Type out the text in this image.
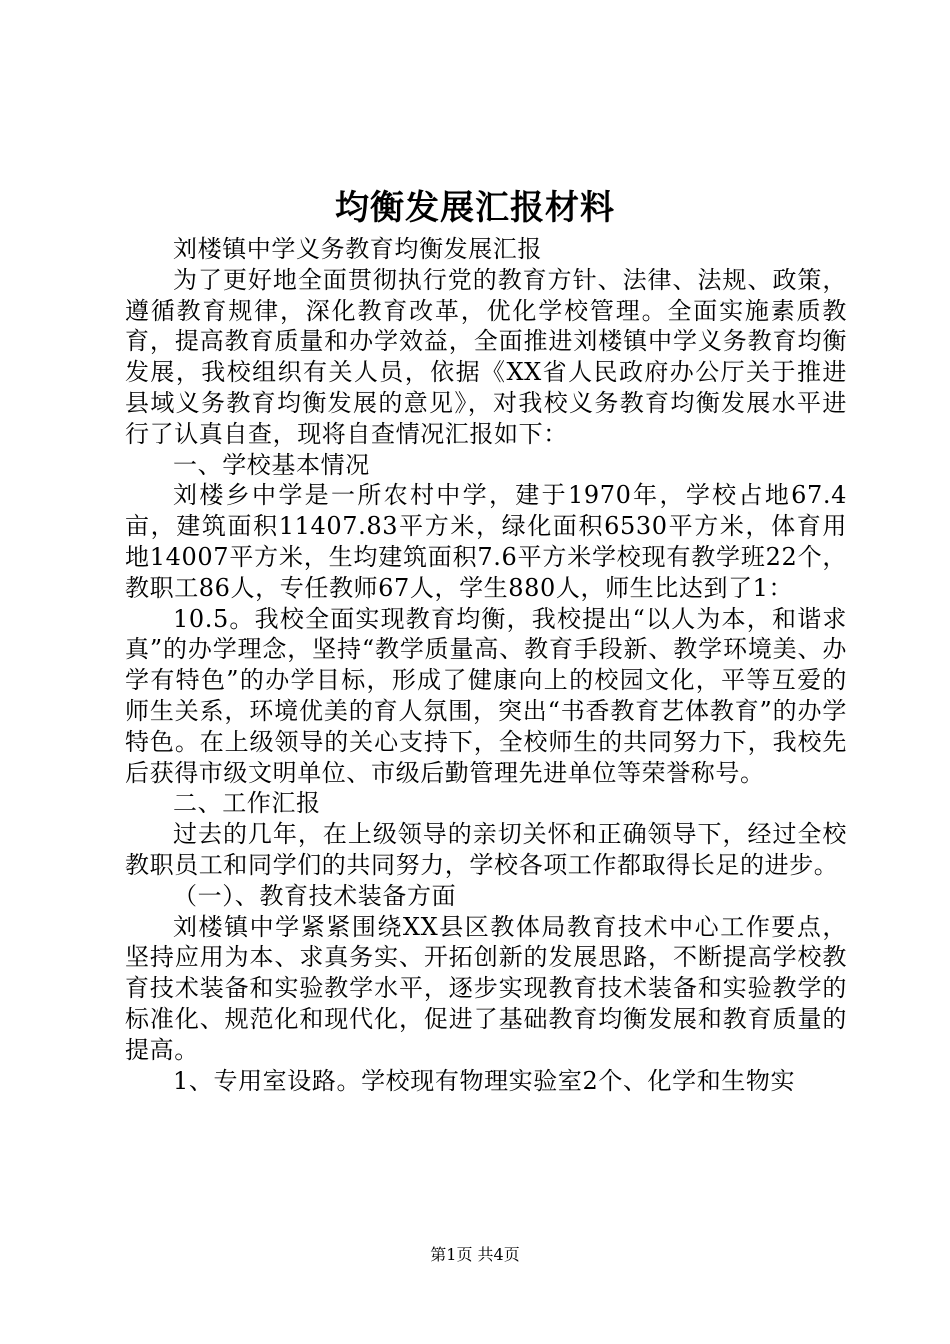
均衡发展汇报材料

刘楼镇中学义务教育均衡发展汇报

为了更好地全面贯彻执行党的教育方针、法律、法规、政策，遵循教育规律，深化教育改革，优化学校管理。全面实施素质教育，提高教育质量和办学效益，全面推进刘楼镇中学义务教育均衡发展，我校组织有关人员，依据《XX省人民政府办公厅关于推进县域义务教育均衡发展的意见》，对我校义务教育均衡发展水平进行了认真自查，现将自查情况汇报如下：

一、学校基本情况

刘楼乡中学是一所农村中学，建于1970年，学校占地67.4亩，建筑面积11407.83平方米，绿化面积6530平方米，体育用地14007平方米，生均建筑面积7.6平方米学校现有教学班22个，教职工86人，专任教师67人，学生880人，师生比达到了1：

10.5。我校全面实现教育均衡，我校提出“以人为本，和谐求真”的办学理念，坚持“教学质量高、教育手段新、教学环境美、办学有特色”的办学目标，形成了健康向上的校园文化，平等互爱的师生关系，环境优美的育人氛围，突出“书香教育艺体教育”的办学特色。在上级领导的关心支持下，全校师生的共同努力下，我校先后获得市级文明单位、市级后勤管理先进单位等荣誉称号。

二、工作汇报

过去的几年，在上级领导的亲切关怀和正确领导下，经过全校教职员工和同学们的共同努力，学校各项工作都取得长足的进步。

（一）、教育技术装备方面

刘楼镇中学紧紧围绕XX县区教体局教育技术中心工作要点，坚持应用为本、求真务实、开拓创新的发展思路，不断提高学校教育技术装备和实验教学水平，逐步实现教育技术装备和实验教学的标准化、规范化和现代化，促进了基础教育均衡发展和教育质量的提高。

1、专用室设路。学校现有物理实验室2个、化学和生物实

第1页 共4页
